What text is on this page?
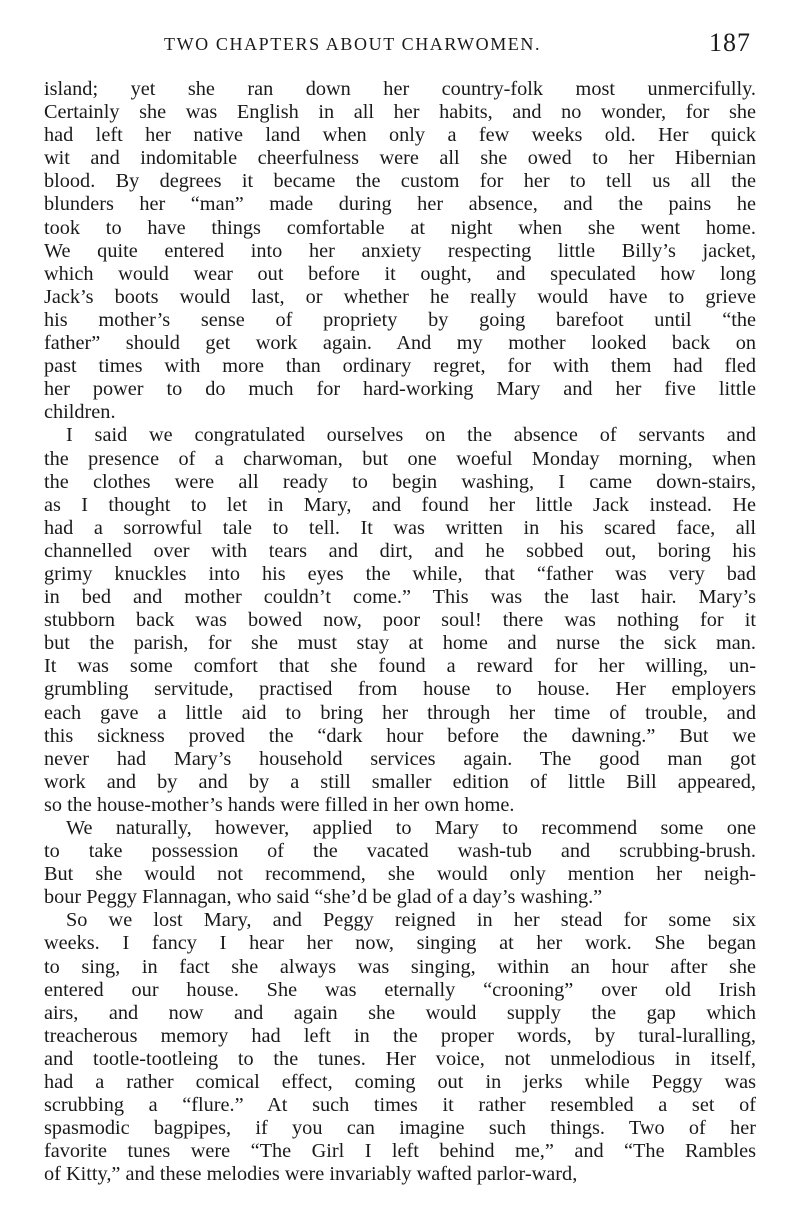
TWO CHAPTERS ABOUT CHARWOMEN.	187
island; yet she ran down her country-folk most unmercifully.
Certainly she was English in all her habits, and no wonder, for she
had left her native land when only a few weeks old. Her quick
wit and indomitable cheerfulness were all she owed to her Hibernian
blood. By degrees it became the custom for her to tell us all the
blunders her “man” made during her absence, and the pains he
took to have things comfortable at night when she went home.
We quite entered into her anxiety respecting little Billy’s jacket,
which would wear out before it ought, and speculated how long
Jack’s boots would last, or whether he really would have to grieve
his mother’s sense of propriety by going barefoot until “the
father” should get work again. And my mother looked back on
past times with more than ordinary regret, for with them had fled
her power to do much for hard-working Mary and her five little
children.
I said we congratulated ourselves on the absence of servants and
the presence of a charwoman, but one woeful Monday morning, when
the clothes were all ready to begin washing, I came down-stairs,
as I thought to let in Mary, and found her little Jack instead. He
had a sorrowful tale to tell. It was written in his scared face, all
channelled over with tears and dirt, and he sobbed out, boring his
grimy knuckles into his eyes the while, that “father was very bad
in bed and mother couldn’t come.” This was the last hair. Mary’s
stubborn back was bowed now, poor soul! there was nothing for it
but the parish, for she must stay at home and nurse the sick man.
It was some comfort that she found a reward for her willing, un-
grumbling servitude, practised from house to house. Her employers
each gave a little aid to bring her through her time of trouble, and
this sickness proved the “dark hour before the dawning.” But we
never had Mary’s household services again. The good man got
work and by and by a still smaller edition of little Bill appeared,
so the house-mother’s hands were filled in her own home.
We naturally, however, applied to Mary to recommend some one
to take possession of the vacated wash-tub and scrubbing-brush.
But she would not recommend, she would only mention her neigh-
bour Peggy Flannagan, who said “she’d be glad of a day’s washing.”
So we lost Mary, and Peggy reigned in her stead for some six
weeks. I fancy I hear her now, singing at her work. She began
to sing, in fact she always was singing, within an hour after she
entered our house. She was eternally “crooning” over old Irish
airs, and now and again she would supply the gap which
treacherous memory had left in the proper words, by tural-luralling,
and tootle-tootleing to the tunes. Her voice, not unmelodious in itself,
had a rather comical effect, coming out in jerks while Peggy was
scrubbing a “flure.” At such times it rather resembled a set of
spasmodic bagpipes, if you can imagine such things. Two of her
favorite tunes were “The Girl I left behind me,” and “The Rambles
of Kitty,” and these melodies were invariably wafted parlor-ward,
